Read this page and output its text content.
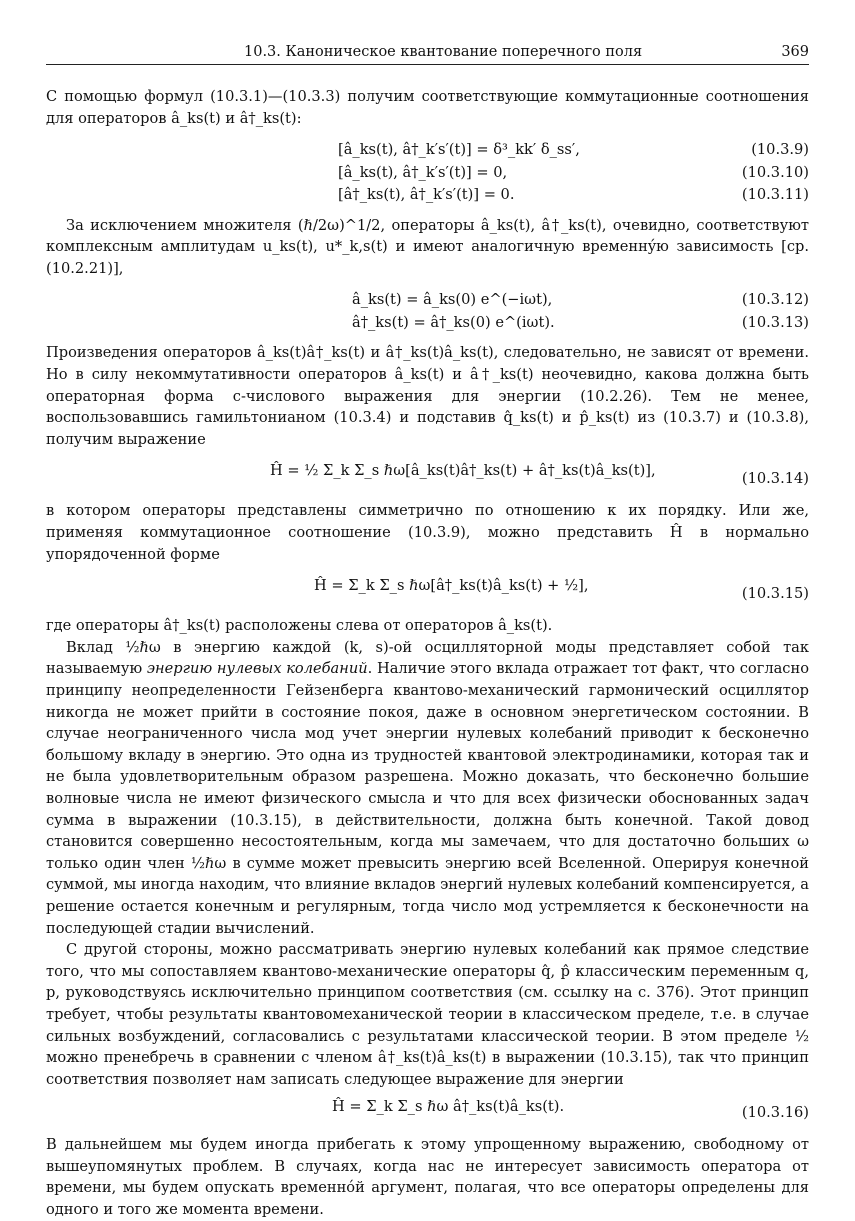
10.3. Каноническое квантование поперечного поля	369

С помощью формул (10.3.1)—(10.3.3) получим соответствующие коммутационные соотношения для операторов â_ks(t) и â†_ks(t):

[â_ks(t), â†_k′s′(t)] = δ³_kk′ δ_ss′,	(10.3.9)
[â_ks(t), â†_k′s′(t)] = 0,	(10.3.10)
[â†_ks(t), â†_k′s′(t)] = 0.	(10.3.11)

За исключением множителя (ℏ/2ω)^1/2, операторы â_ks(t), â†_ks(t), очевидно, соответствуют комплексным амплитудам u_ks(t), u*_k,s(t) и имеют аналогичную временнýю зависимость [ср. (10.2.21)],

â_ks(t) = â_ks(0) e^(−iωt),	(10.3.12)
â†_ks(t) = â†_ks(0) e^(iωt).	(10.3.13)

Произведения операторов â_ks(t)â†_ks(t) и â†_ks(t)â_ks(t), следовательно, не зависят от времени. Но в силу некоммутативности операторов â_ks(t) и â†_ks(t) неочевидно, какова должна быть операторная форма c-числового выражения для энергии (10.2.26). Тем не менее, воспользовавшись гамильтонианом (10.3.4) и подставив q̂_ks(t) и p̂_ks(t) из (10.3.7) и (10.3.8), получим выражение

Ĥ = ½ Σ_k Σ_s ℏω[â_ks(t)â†_ks(t) + â†_ks(t)â_ks(t)],	(10.3.14)

в котором операторы представлены симметрично по отношению к их порядку. Или же, применяя коммутационное соотношение (10.3.9), можно представить Ĥ в нормально упорядоченной форме

Ĥ = Σ_k Σ_s ℏω[â†_ks(t)â_ks(t) + ½],	(10.3.15)

где операторы â†_ks(t) расположены слева от операторов â_ks(t).

Вклад ½ℏω в энергию каждой (k, s)-ой осцилляторной моды представляет собой так называемую энергию нулевых колебаний. Наличие этого вклада отражает тот факт, что согласно принципу неопределенности Гейзенберга квантово-механический гармонический осциллятор никогда не может прийти в состояние покоя, даже в основном энергетическом состоянии. В случае неограниченного числа мод учет энергии нулевых колебаний приводит к бесконечно большому вкладу в энергию. Это одна из трудностей квантовой электродинамики, которая так и не была удовлетворительным образом разрешена. Можно доказать, что бесконечно большие волновые числа не имеют физического смысла и что для всех физически обоснованных задач сумма в выражении (10.3.15), в действительности, должна быть конечной. Такой довод становится совершенно несостоятельным, когда мы замечаем, что для достаточно больших ω только один член ½ℏω в сумме может превысить энергию всей Вселенной. Оперируя конечной суммой, мы иногда находим, что влияние вкладов энергий нулевых колебаний компенсируется, а решение остается конечным и регулярным, тогда число мод устремляется к бесконечности на последующей стадии вычислений.

С другой стороны, можно рассматривать энергию нулевых колебаний как прямое следствие того, что мы сопоставляем квантово-механические операторы q̂, p̂ классическим переменным q, p, руководствуясь исключительно принципом соответствия (см. ссылку на с. 376). Этот принцип требует, чтобы результаты квантовомеханической теории в классическом пределе, т.е. в случае сильных возбуждений, согласовались с результатами классической теории. В этом пределе ½ можно пренебречь в сравнении с членом â†_ks(t)â_ks(t) в выражении (10.3.15), так что принцип соответствия позволяет нам записать следующее выражение для энергии

Ĥ = Σ_k Σ_s ℏω â†_ks(t)â_ks(t).	(10.3.16)

В дальнейшем мы будем иногда прибегать к этому упрощенному выражению, свободному от вышеупомянутых проблем. В случаях, когда нас не интересует зависимость оператора от времени, мы будем опускать временнóй аргумент, полагая, что все операторы определены для одного и того же момента времени.
